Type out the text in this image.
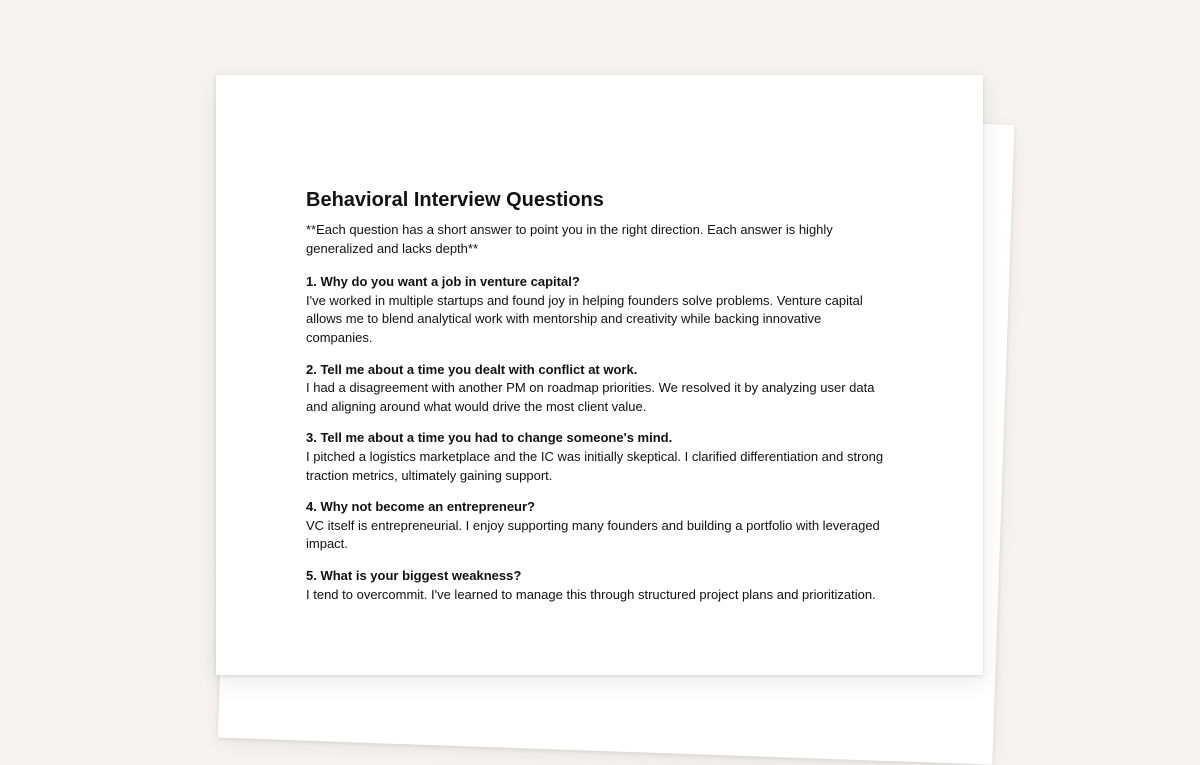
Behavioral Interview Questions

**Each question has a short answer to point you in the right direction. Each answer is highly generalized and lacks depth**

1. Why do you want a job in venture capital?

I've worked in multiple startups and found joy in helping founders solve problems. Venture capital allows me to blend analytical work with mentorship and creativity while backing innovative companies.

2. Tell me about a time you dealt with conflict at work.

I had a disagreement with another PM on roadmap priorities. We resolved it by analyzing user data and aligning around what would drive the most client value.

3. Tell me about a time you had to change someone's mind.

I pitched a logistics marketplace and the IC was initially skeptical. I clarified differentiation and strong traction metrics, ultimately gaining support.

4. Why not become an entrepreneur?

VC itself is entrepreneurial. I enjoy supporting many founders and building a portfolio with leveraged impact.

5. What is your biggest weakness?

I tend to overcommit. I've learned to manage this through structured project plans and prioritization.
